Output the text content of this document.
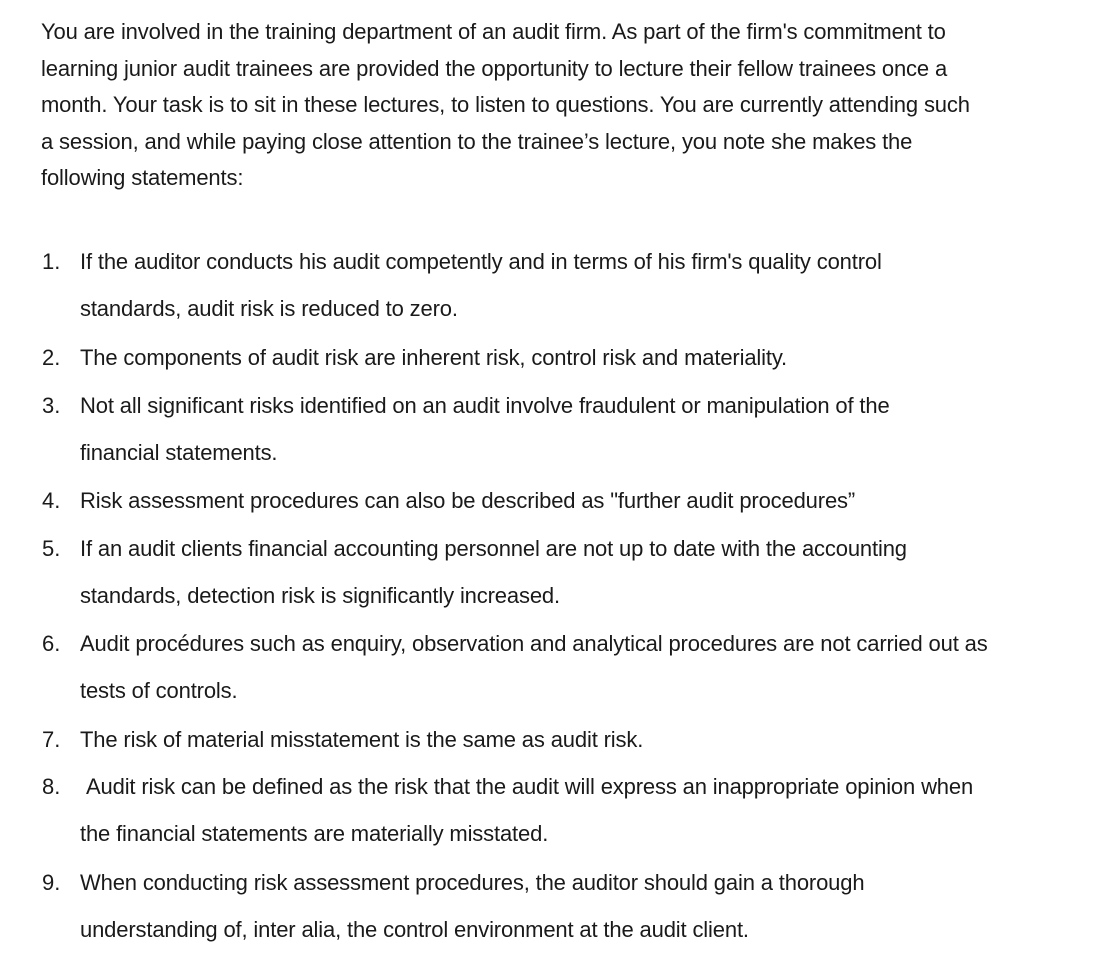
You are involved in the training department of an audit firm. As part of the firm's commitment to
learning junior audit trainees are provided the opportunity to lecture their fellow trainees once a
month. Your task is to sit in these lectures, to listen to questions. You are currently attending such
a session, and while paying close attention to the trainee’s lecture, you note she makes the
following statements:
1. If the auditor conducts his audit competently and in terms of his firm's quality control
standards, audit risk is reduced to zero.
2. The components of audit risk are inherent risk, control risk and materiality.
3. Not all significant risks identified on an audit involve fraudulent or manipulation of the
financial statements.
4. Risk assessment procedures can also be described as "further audit procedures”
5. If an audit clients financial accounting personnel are not up to date with the accounting
standards, detection risk is significantly increased.
6. Audit procédures such as enquiry, observation and analytical procedures are not carried out as
tests of controls.
7. The risk of material misstatement is the same as audit risk.
8. Audit risk can be defined as the risk that the audit will express an inappropriate opinion when
the financial statements are materially misstated.
9. When conducting risk assessment procedures, the auditor should gain a thorough
understanding of, inter alia, the control environment at the audit client.
